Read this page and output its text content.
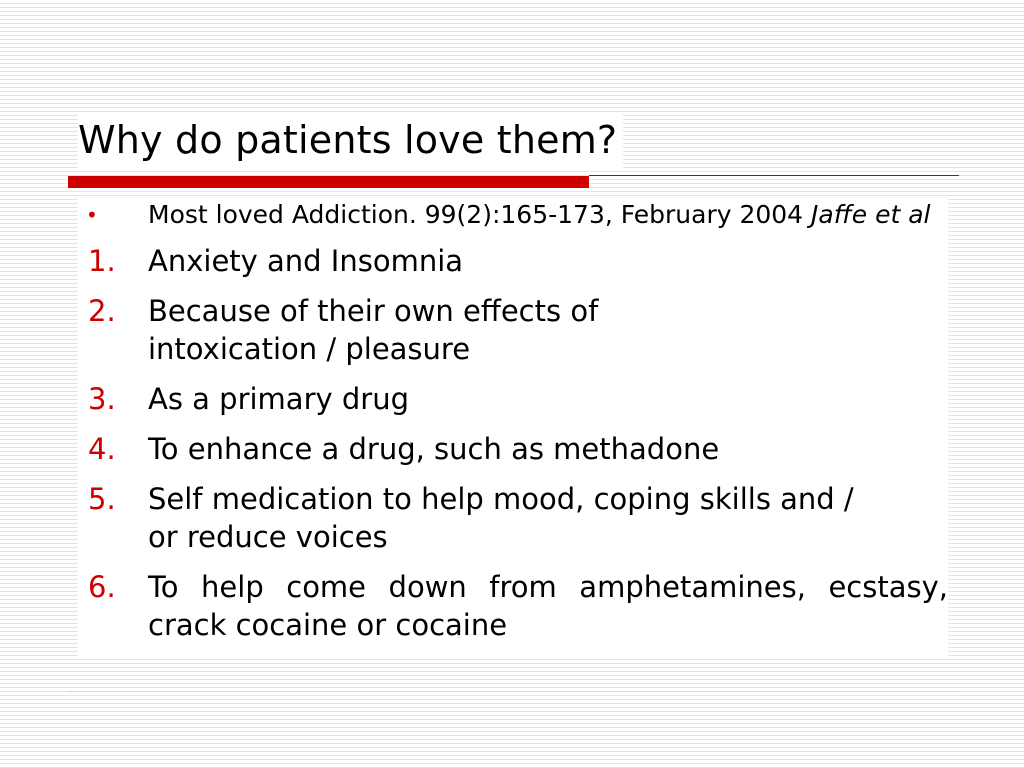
Why do patients love them?
•	Most loved Addiction. 99(2):165-173, February 2004 Jaffe et al
1.	Anxiety and Insomnia
2.	Because of their own effects of intoxication / pleasure
3.	As a primary drug
4.	To enhance a drug, such as methadone
5.	Self medication to help mood, coping skills and / or reduce voices
6.	To help come down from amphetamines, ecstasy, crack cocaine or cocaine
